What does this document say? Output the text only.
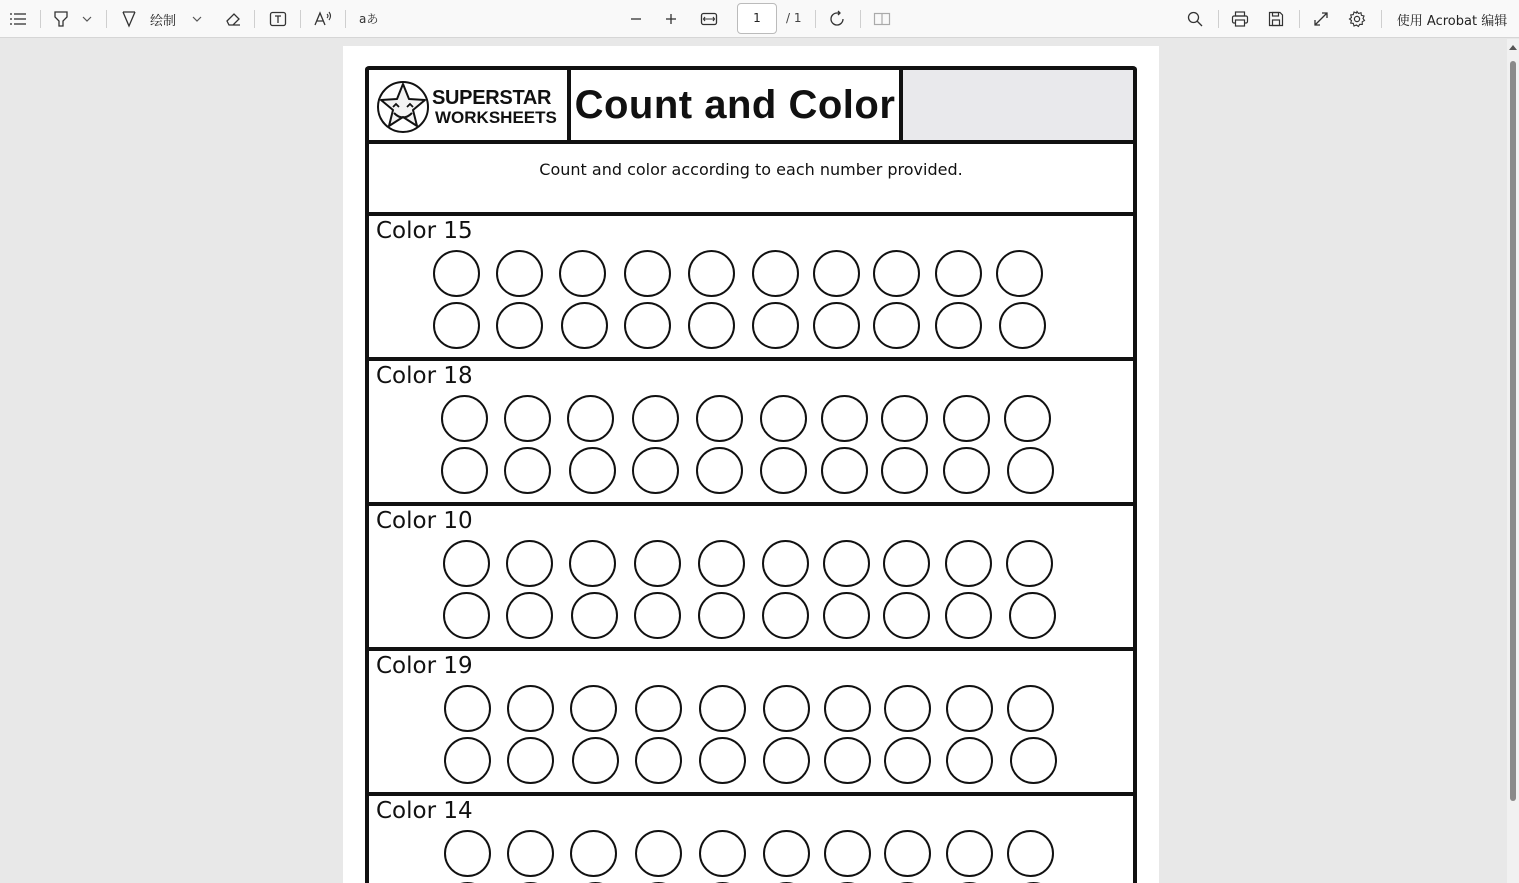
绘制	aあ	1	/ 1	使用 Acrobat 编辑
SUPERSTAR
WORKSHEETS Count and Color
Count and color according to each number provided.
Color 15
Color 18
Color 10
Color 19
Color 14
